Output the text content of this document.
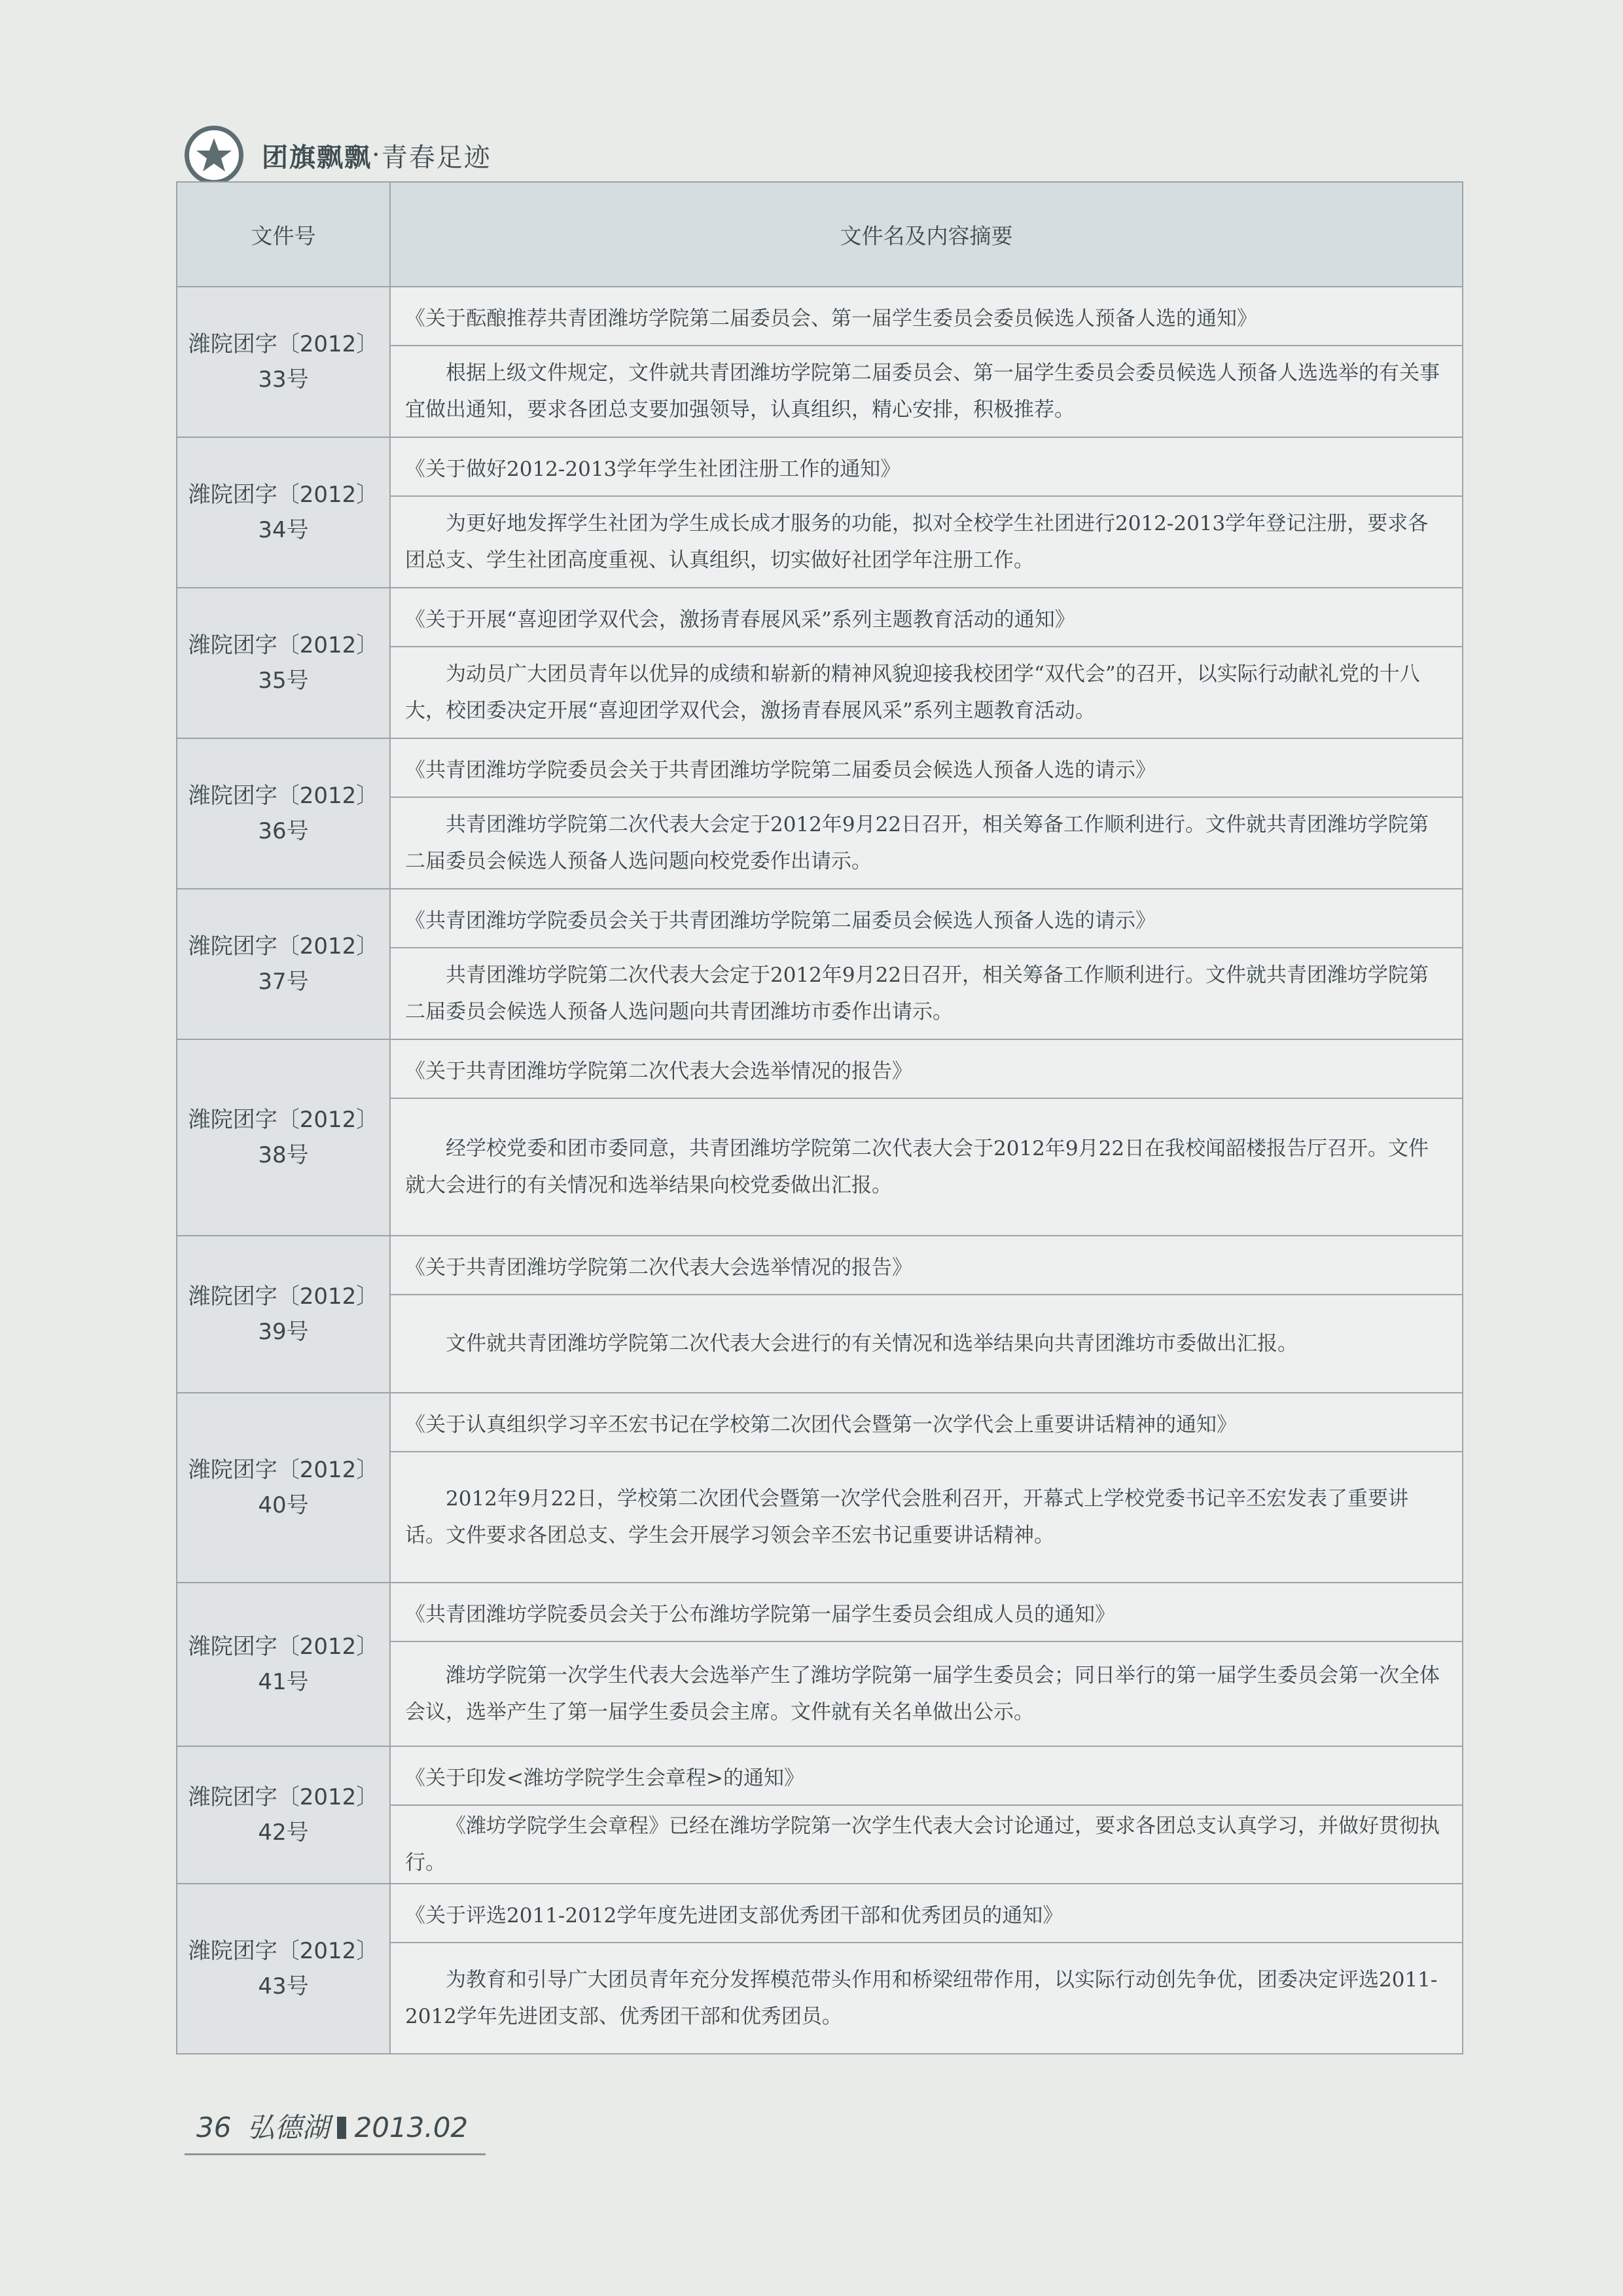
团旗飘飘 · 青春足迹
文件号	文件名及内容摘要

潍院团字〔2012〕
33号	《关于酝酿推荐共青团潍坊学院第二届委员会、第一届学生委员会委员候选人预备人选的通知》
	根据上级文件规定，文件就共青团潍坊学院第二届委员会、第一届学生委员会委员候选人预备人选选举的有关事宜做出通知，要求各团总支要加强领导，认真组织，精心安排，积极推荐。

潍院团字〔2012〕
34号	《关于做好2012-2013学年学生社团注册工作的通知》
	为更好地发挥学生社团为学生成长成才服务的功能，拟对全校学生社团进行2012-2013学年登记注册，要求各团总支、学生社团高度重视、认真组织，切实做好社团学年注册工作。

潍院团字〔2012〕
35号	《关于开展“喜迎团学双代会，激扬青春展风采”系列主题教育活动的通知》
	为动员广大团员青年以优异的成绩和崭新的精神风貌迎接我校团学“双代会”的召开，以实际行动献礼党的十八大，校团委决定开展“喜迎团学双代会，激扬青春展风采”系列主题教育活动。

潍院团字〔2012〕
36号	《共青团潍坊学院委员会关于共青团潍坊学院第二届委员会候选人预备人选的请示》
	共青团潍坊学院第二次代表大会定于2012年9月22日召开，相关筹备工作顺利进行。文件就共青团潍坊学院第二届委员会候选人预备人选问题向校党委作出请示。

潍院团字〔2012〕
37号	《共青团潍坊学院委员会关于共青团潍坊学院第二届委员会候选人预备人选的请示》
	共青团潍坊学院第二次代表大会定于2012年9月22日召开，相关筹备工作顺利进行。文件就共青团潍坊学院第二届委员会候选人预备人选问题向共青团潍坊市委作出请示。

潍院团字〔2012〕
38号	《关于共青团潍坊学院第二次代表大会选举情况的报告》
	经学校党委和团市委同意，共青团潍坊学院第二次代表大会于2012年9月22日在我校闻韶楼报告厅召开。文件就大会进行的有关情况和选举结果向校党委做出汇报。

潍院团字〔2012〕
39号	《关于共青团潍坊学院第二次代表大会选举情况的报告》
	文件就共青团潍坊学院第二次代表大会进行的有关情况和选举结果向共青团潍坊市委做出汇报。

潍院团字〔2012〕
40号	《关于认真组织学习辛丕宏书记在学校第二次团代会暨第一次学代会上重要讲话精神的通知》
	2012年9月22日，学校第二次团代会暨第一次学代会胜利召开，开幕式上学校党委书记辛丕宏发表了重要讲话。文件要求各团总支、学生会开展学习领会辛丕宏书记重要讲话精神。

潍院团字〔2012〕
41号	《共青团潍坊学院委员会关于公布潍坊学院第一届学生委员会组成人员的通知》
	潍坊学院第一次学生代表大会选举产生了潍坊学院第一届学生委员会；同日举行的第一届学生委员会第一次全体会议，选举产生了第一届学生委员会主席。文件就有关名单做出公示。

潍院团字〔2012〕
42号	《关于印发<潍坊学院学生会章程>的通知》
	《潍坊学院学生会章程》已经在潍坊学院第一次学生代表大会讨论通过，要求各团总支认真学习，并做好贯彻执行。

潍院团字〔2012〕
43号	《关于评选2011-2012学年度先进团支部优秀团干部和优秀团员的通知》
	为教育和引导广大团员青年充分发挥模范带头作用和桥梁纽带作用，以实际行动创先争优，团委决定评选2011-2012学年先进团支部、优秀团干部和优秀团员。
36 弘德湖 2013.02
